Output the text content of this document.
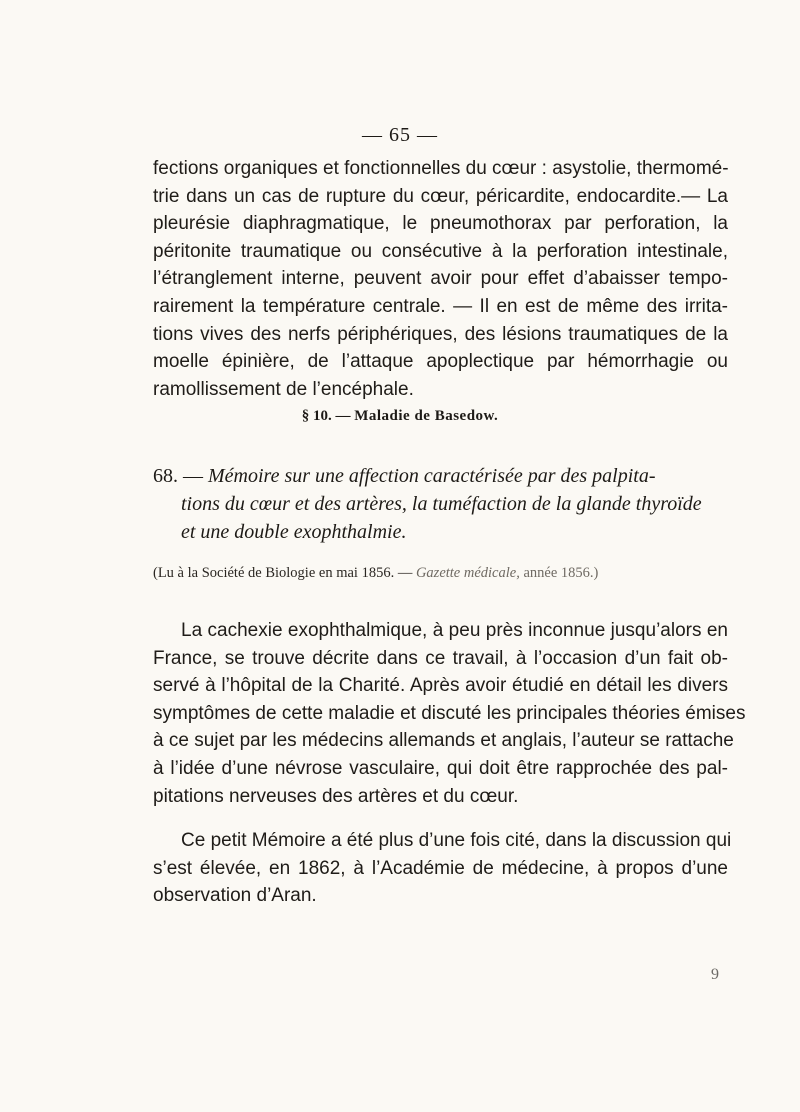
— 65 —
fections organiques et fonctionnelles du cœur : asystolie, thermomé-
trie dans un cas de rupture du cœur, péricardite, endocardite.— La
pleurésie diaphragmatique, le pneumothorax par perforation, la
péritonite traumatique ou consécutive à la perforation intestinale,
l’étranglement interne, peuvent avoir pour effet d’abaisser tempo-
rairement la température centrale. — Il en est de même des irrita-
tions vives des nerfs périphériques, des lésions traumatiques de la
moelle épinière, de l’attaque apoplectique par hémorrhagie ou
ramollissement de l’encéphale.
§ 10. — Maladie de Basedow.
68. — Mémoire sur une affection caractérisée par des palpita-
tions du cœur et des artères, la tuméfaction de la glande thyroïde
et une double exophthalmie.
(Lu à la Société de Biologie en mai 1856. — Gazette médicale, année 1856.)
La cachexie exophthalmique, à peu près inconnue jusqu’alors en
France, se trouve décrite dans ce travail, à l’occasion d’un fait ob-
servé à l’hôpital de la Charité. Après avoir étudié en détail les divers
symptômes de cette maladie et discuté les principales théories émises
à ce sujet par les médecins allemands et anglais, l’auteur se rattache
à l’idée d’une névrose vasculaire, qui doit être rapprochée des pal-
pitations nerveuses des artères et du cœur.
Ce petit Mémoire a été plus d’une fois cité, dans la discussion qui
s’est élevée, en 1862, à l’Académie de médecine, à propos d’une
observation d’Aran.
9
